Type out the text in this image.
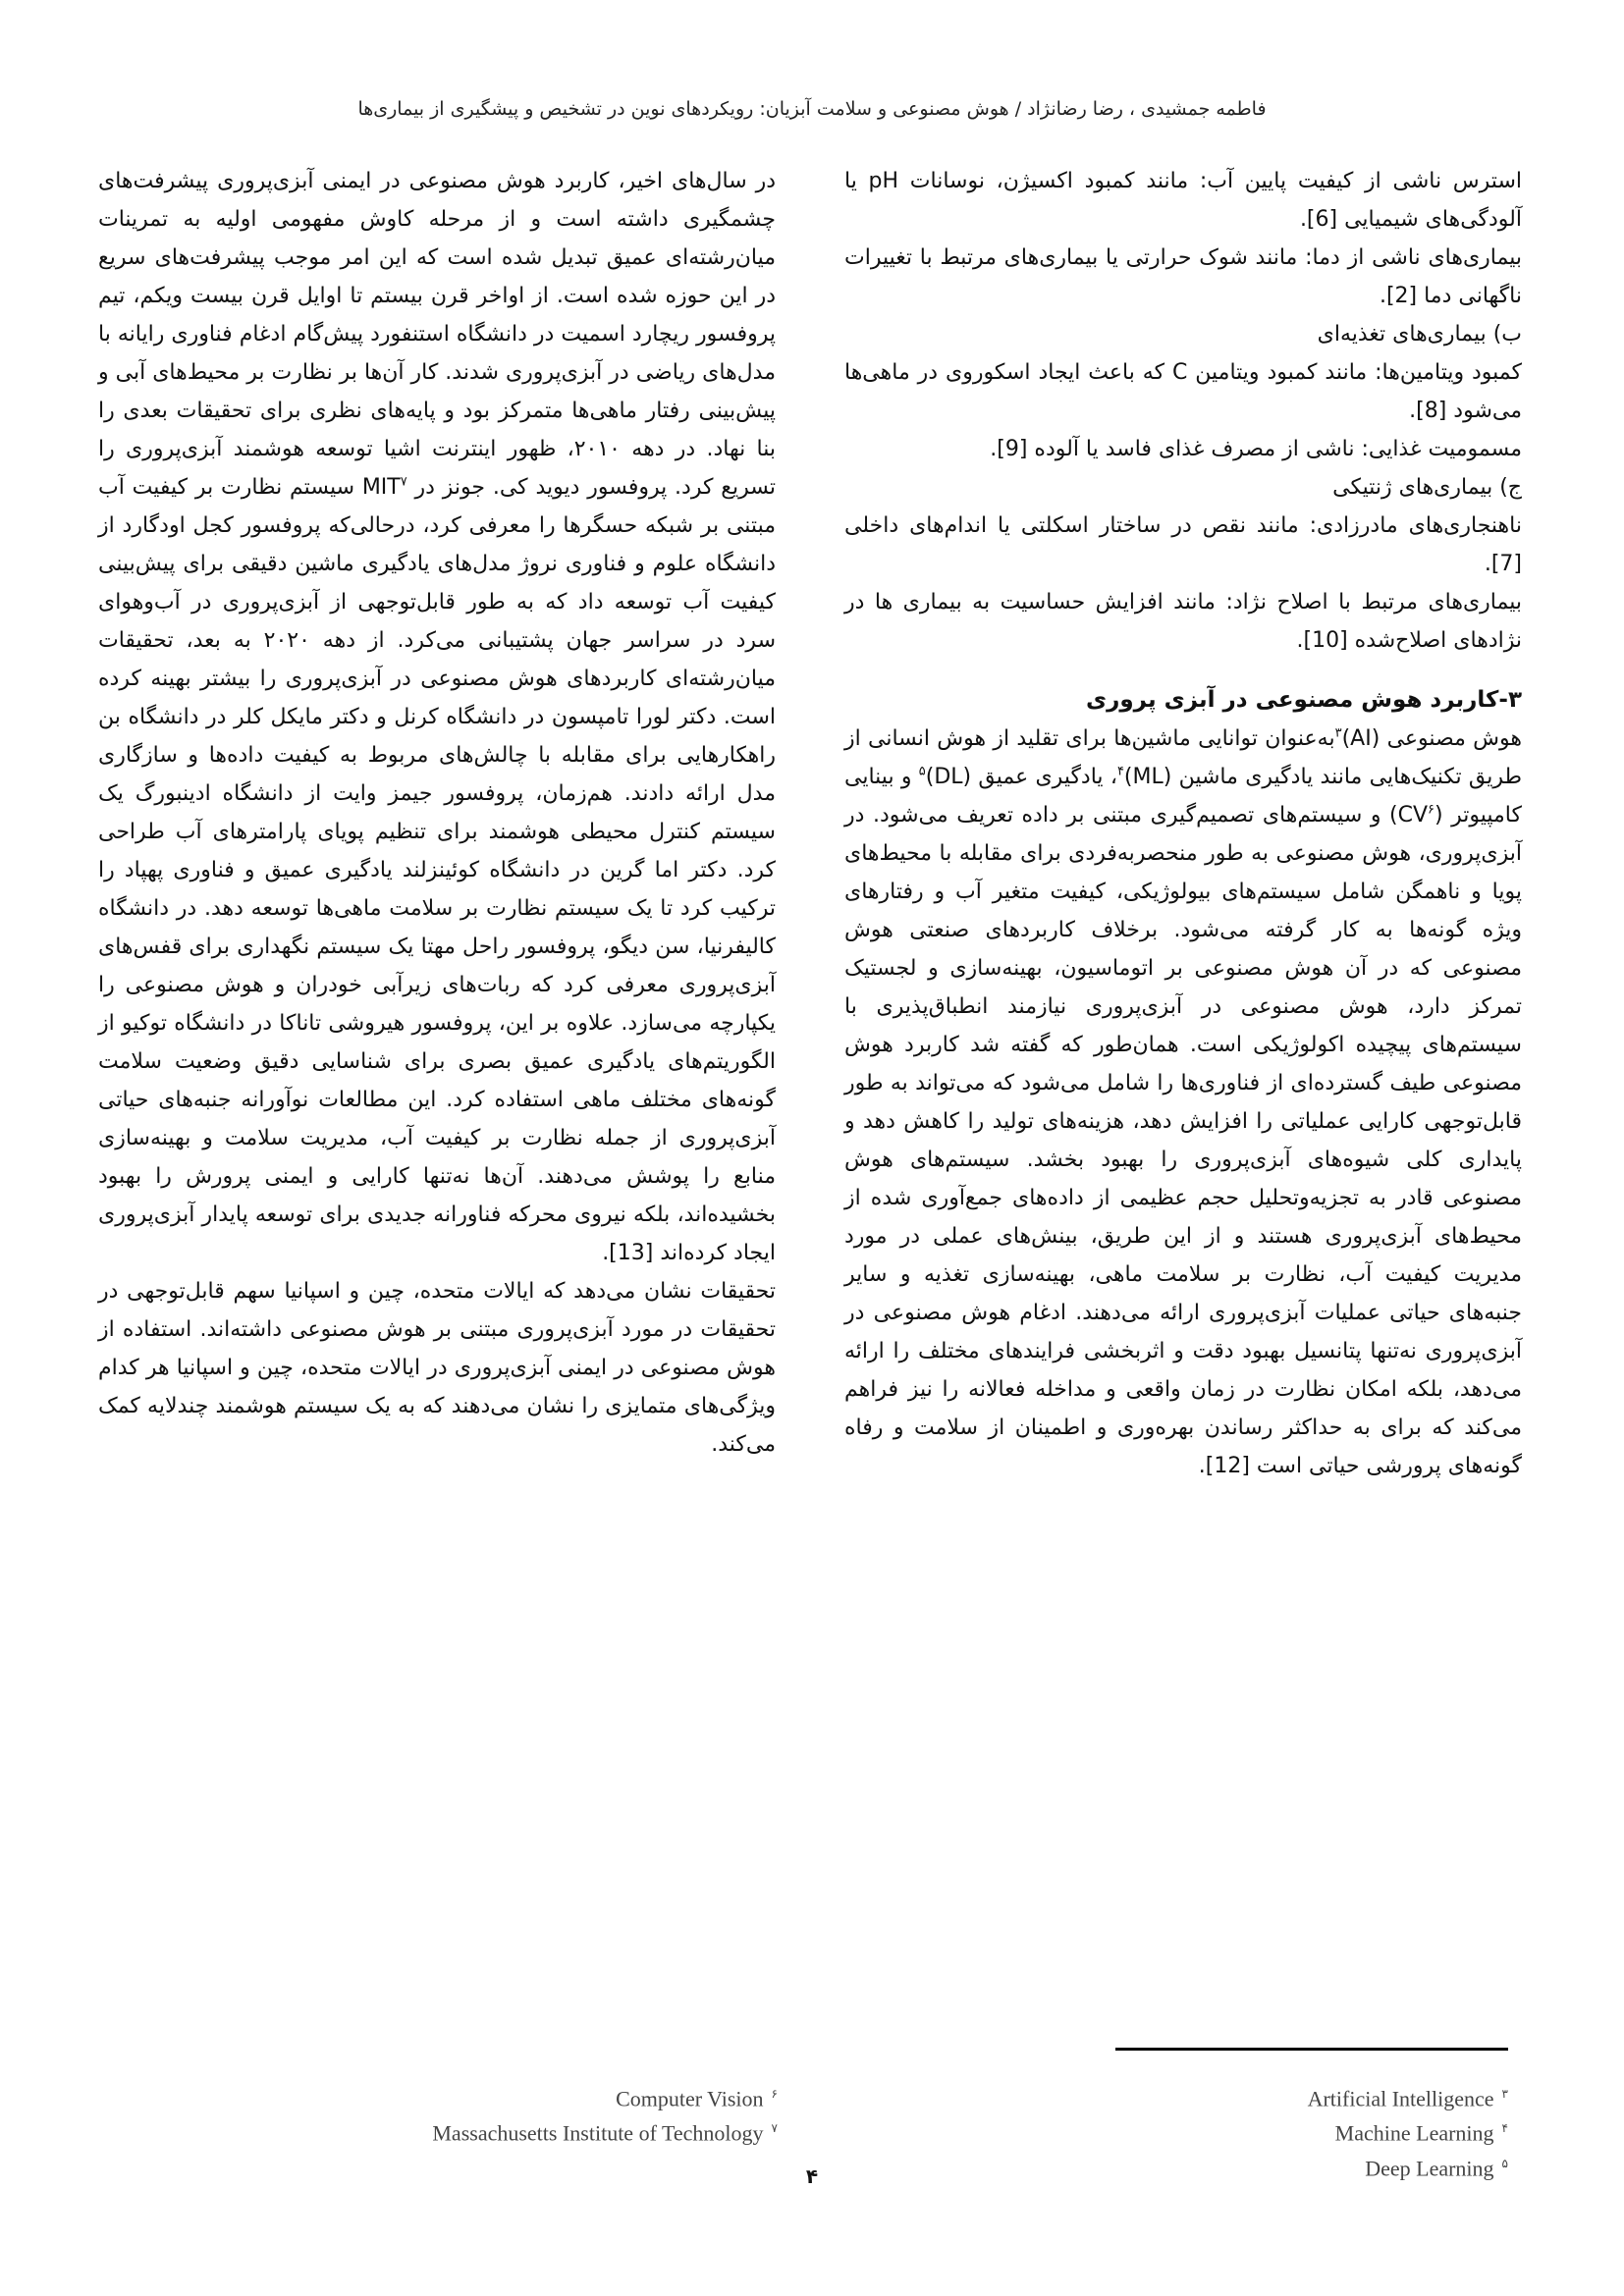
فاطمه جمشیدی ، رضا رضانژاد / هوش مصنوعی و سلامت آبزیان: رویکردهای نوین در تشخیص و پیشگیری از بیماری‌ها

استرس ناشی از کیفیت پایین آب: مانند کمبود اکسیژن، نوسانات pH یا آلودگی‌های شیمیایی [6].

بیماری‌های ناشی از دما: مانند شوک حرارتی یا بیماری‌های مرتبط با تغییرات ناگهانی دما [2].

ب) بیماری‌های تغذیه‌ای

کمبود ویتامین‌ها: مانند کمبود ویتامین C که باعث ایجاد اسکوروی در ماهی‌ها می‌شود [8].

مسمومیت غذایی: ناشی از مصرف غذای فاسد یا آلوده [9].

ج) بیماری‌های ژنتیکی

ناهنجاری‌های مادرزادی: مانند نقص در ساختار اسکلتی یا اندام‌های داخلی [7].

بیماری‌های مرتبط با اصلاح نژاد: مانند افزایش حساسیت به بیماری ها در نژادهای اصلاح‌شده [10].

۳-کاربرد هوش مصنوعی در آبزی پروری

هوش مصنوعی (AI)$^۳$به‌عنوان توانایی ماشین‌ها برای تقلید از هوش انسانی از طریق تکنیک‌هایی مانند یادگیری ماشین (ML)$^۴$، یادگیری عمیق (DL)$^۵$ و بینایی کامپیوتر $(CV^۶)$ و سیستم‌های تصمیم‌گیری مبتنی بر داده تعریف می‌شود. در آبزی‌پروری، هوش مصنوعی به طور منحصربه‌فردی برای مقابله با محیط‌های پویا و ناهمگن شامل سیستم‌های بیولوژیکی، کیفیت متغیر آب و رفتارهای ویژه گونه‌ها به کار گرفته می‌شود. برخلاف کاربردهای صنعتی هوش مصنوعی که در آن هوش مصنوعی بر اتوماسیون، بهینه‌سازی و لجستیک تمرکز دارد، هوش مصنوعی در آبزی‌پروری نیازمند انطباق‌پذیری با سیستم‌های پیچیده اکولوژیکی است. همان‌طور که گفته شد کاربرد هوش مصنوعی طیف گسترده‌ای از فناوری‌ها را شامل می‌شود که می‌تواند به طور قابل‌توجهی کارایی عملیاتی را افزایش دهد، هزینه‌های تولید را کاهش دهد و پایداری کلی شیوه‌های آبزی‌پروری را بهبود بخشد. سیستم‌های هوش مصنوعی قادر به تجزیه‌وتحلیل حجم عظیمی از داده‌های جمع‌آوری شده از محیط‌های آبزی‌پروری هستند و از این طریق، بینش‌های عملی در مورد مدیریت کیفیت آب، نظارت بر سلامت ماهی، بهینه‌سازی تغذیه و سایر جنبه‌های حیاتی عملیات آبزی‌پروری ارائه می‌دهند. ادغام هوش مصنوعی در آبزی‌پروری نه‌تنها پتانسیل بهبود دقت و اثربخشی فرایندهای مختلف را ارائه می‌دهد، بلکه امکان نظارت در زمان واقعی و مداخله فعالانه را نیز فراهم می‌کند که برای به حداکثر رساندن بهره‌وری و اطمینان از سلامت و رفاه گونه‌های پرورشی حیاتی است [12].

در سال‌های اخیر، کاربرد هوش مصنوعی در ایمنی آبزی‌پروری پیشرفت‌های چشمگیری داشته است و از مرحله کاوش مفهومی اولیه به تمرینات میان‌رشته‌ای عمیق تبدیل شده است که این امر موجب پیشرفت‌های سریع در این حوزه شده است. از اواخر قرن بیستم تا اوایل قرن بیست ویکم، تیم پروفسور ریچارد اسمیت در دانشگاه استنفورد پیش‌گام ادغام فناوری رایانه با مدل‌های ریاضی در آبزی‌پروری شدند. کار آن‌ها بر نظارت بر محیط‌های آبی و پیش‌بینی رفتار ماهی‌ها متمرکز بود و پایه‌های نظری برای تحقیقات بعدی را بنا نهاد. در دهه ۲۰۱۰، ظهور اینترنت اشیا توسعه هوشمند آبزی‌پروری را تسریع کرد. پروفسور دیوید کی. جونز در MIT$^۷$ سیستم نظارت بر کیفیت آب مبتنی بر شبکه حسگرها را معرفی کرد، درحالی‌که پروفسور کجل اودگارد از دانشگاه علوم و فناوری نروژ مدل‌های یادگیری ماشین دقیقی برای پیش‌بینی کیفیت آب توسعه داد که به طور قابل‌توجهی از آبزی‌پروری در آب‌وهوای سرد در سراسر جهان پشتیبانی می‌کرد. از دهه ۲۰۲۰ به بعد، تحقیقات میان‌رشته‌ای کاربردهای هوش مصنوعی در آبزی‌پروری را بیشتر بهینه کرده است. دکتر لورا تامپسون در دانشگاه کرنل و دکتر مایکل کلر در دانشگاه بن راهکارهایی برای مقابله با چالش‌های مربوط به کیفیت داده‌ها و سازگاری مدل ارائه دادند. هم‌زمان، پروفسور جیمز وایت از دانشگاه ادینبورگ یک سیستم کنترل محیطی هوشمند برای تنظیم پویای پارامترهای آب طراحی کرد. دکتر اما گرین در دانشگاه کوئینزلند یادگیری عمیق و فناوری پهپاد را ترکیب کرد تا یک سیستم نظارت بر سلامت ماهی‌ها توسعه دهد. در دانشگاه کالیفرنیا، سن دیگو، پروفسور راحل مهتا یک سیستم نگهداری برای قفس‌های آبزی‌پروری معرفی کرد که ربات‌های زیرآبی خودران و هوش مصنوعی را یکپارچه می‌سازد. علاوه بر این، پروفسور هیروشی تاناکا در دانشگاه توکیو از الگوریتم‌های یادگیری عمیق بصری برای شناسایی دقیق وضعیت سلامت گونه‌های مختلف ماهی استفاده کرد. این مطالعات نوآورانه جنبه‌های حیاتی آبزی‌پروری از جمله نظارت بر کیفیت آب، مدیریت سلامت و بهینه‌سازی منابع را پوشش می‌دهند. آن‌ها نه‌تنها کارایی و ایمنی پرورش را بهبود بخشیده‌اند، بلکه نیروی محرکه فناورانه جدیدی برای توسعه پایدار آبزی‌پروری ایجاد کرده‌اند [13].

تحقیقات نشان می‌دهد که ایالات متحده، چین و اسپانیا سهم قابل‌توجهی در تحقیقات در مورد آبزی‌پروری مبتنی بر هوش مصنوعی داشته‌اند. استفاده از هوش مصنوعی در ایمنی آبزی‌پروری در ایالات متحده، چین و اسپانیا هر کدام ویژگی‌های متمایزی را نشان می‌دهند که به یک سیستم هوشمند چندلایه کمک می‌کند.

Artificial Intelligence $^۳$
Machine Learning $^۴$
Deep Learning $^۵$
Computer Vision $^۶$
Massachusetts Institute of Technology $^۷$
۴
